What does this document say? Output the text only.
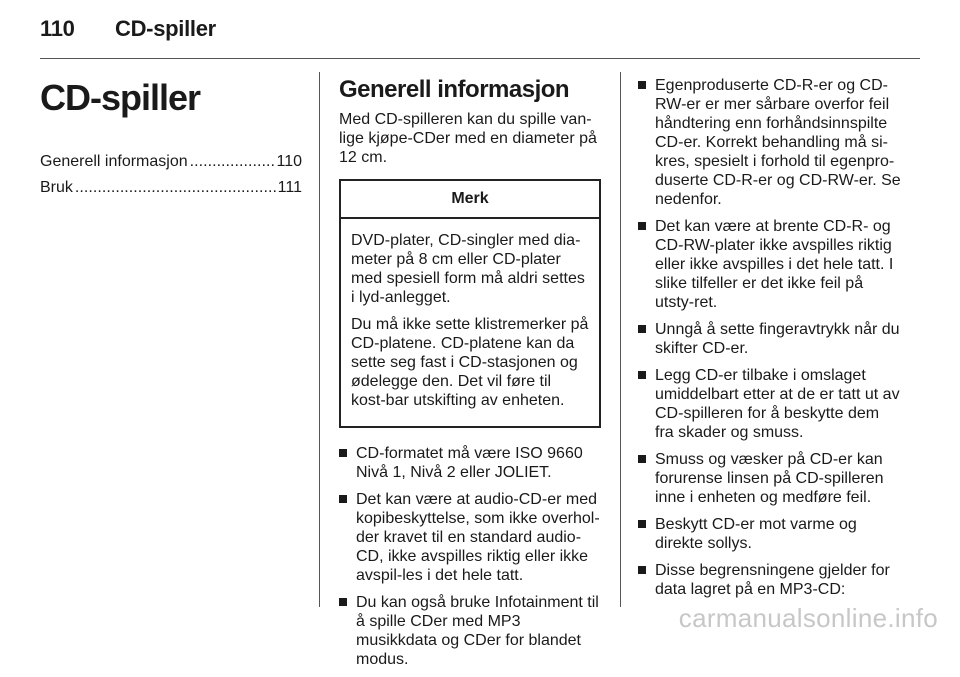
110 CD-spiller
CD-spiller
Generell informasjon . . .	110
Bruk . . .	111
Generell informasjon

Med CD-spilleren kan du spille van-lige kjøpe-CDer med en diameter på 12 cm.

Merk

DVD-plater, CD-singler med dia-meter på 8 cm eller CD-plater med spesiell form må aldri settes i lyd-anlegget.

Du må ikke sette klistremerker på CD-platene. CD-platene kan da sette seg fast i CD-stasjonen og ødelegge den. Det vil føre til kost-bar utskifting av enheten.

CD-formatet må være ISO 9660 Nivå 1, Nivå 2 eller JOLIET.
Det kan være at audio-CD-er med kopibeskyttelse, som ikke overhol-der kravet til en standard audio-CD, ikke avspilles riktig eller ikke avspil-les i det hele tatt.
Du kan også bruke Infotainment til å spille CDer med MP3 musikkdata og CDer for blandet modus.
Egenproduserte CD-R-er og CD-RW-er er mer sårbare overfor feil håndtering enn forhåndsinnspilte CD-er. Korrekt behandling må si-kres, spesielt i forhold til egenpro-duserte CD-R-er og CD-RW-er. Se nedenfor.
Det kan være at brente CD-R- og CD-RW-plater ikke avspilles riktig eller ikke avspilles i det hele tatt. I slike tilfeller er det ikke feil på utsty-ret.
Unngå å sette fingeravtrykk når du skifter CD-er.
Legg CD-er tilbake i omslaget umiddelbart etter at de er tatt ut av CD-spilleren for å beskytte dem fra skader og smuss.
Smuss og væsker på CD-er kan forurense linsen på CD-spilleren inne i enheten og medføre feil.
Beskytt CD-er mot varme og direkte sollys.
Disse begrensningene gjelder for data lagret på en MP3-CD:
carmanualsonline.info
